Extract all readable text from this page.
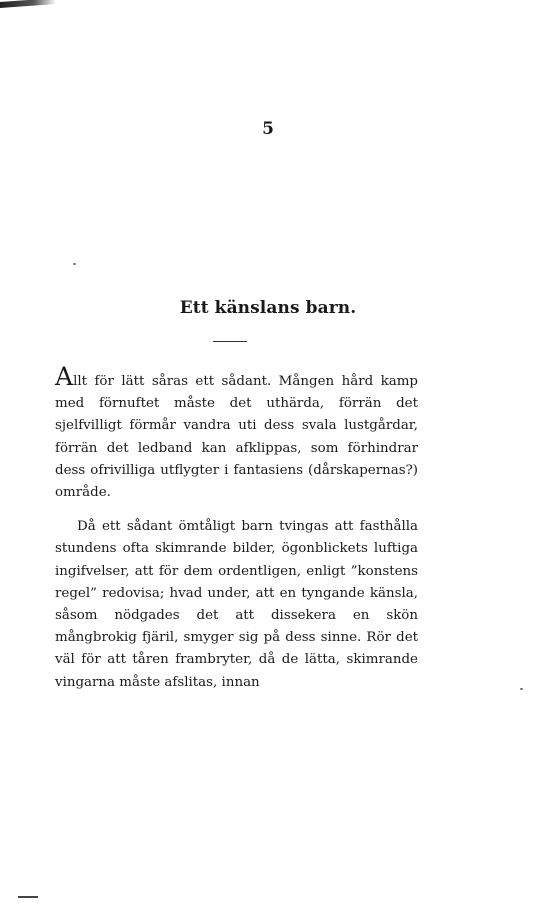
5
Ett känslans barn.

Allt för lätt såras ett sådant. Mången hård kamp med förnuftet måste det uthärda, förrän det sjelfvilligt förmår vandra uti dess svala lustgårdar, förrän det ledband kan afklippas, som förhindrar dess ofrivilliga utflygter i fantasiens (dårskapernas?) område.

Då ett sådant ömtåligt barn tvingas att fasthålla stundens ofta skimrande bilder, ögonblickets luftiga ingifvelser, att för dem ordentligen, enligt ”konstens regel” redovisa; hvad under, att en tyngande känsla, såsom nödgades det att dissekera en skön mångbrokig fjäril, smyger sig på dess sinne. Rör det väl för att tåren frambryter, då de lätta, skimrande vingarna måste afslitas, innan
